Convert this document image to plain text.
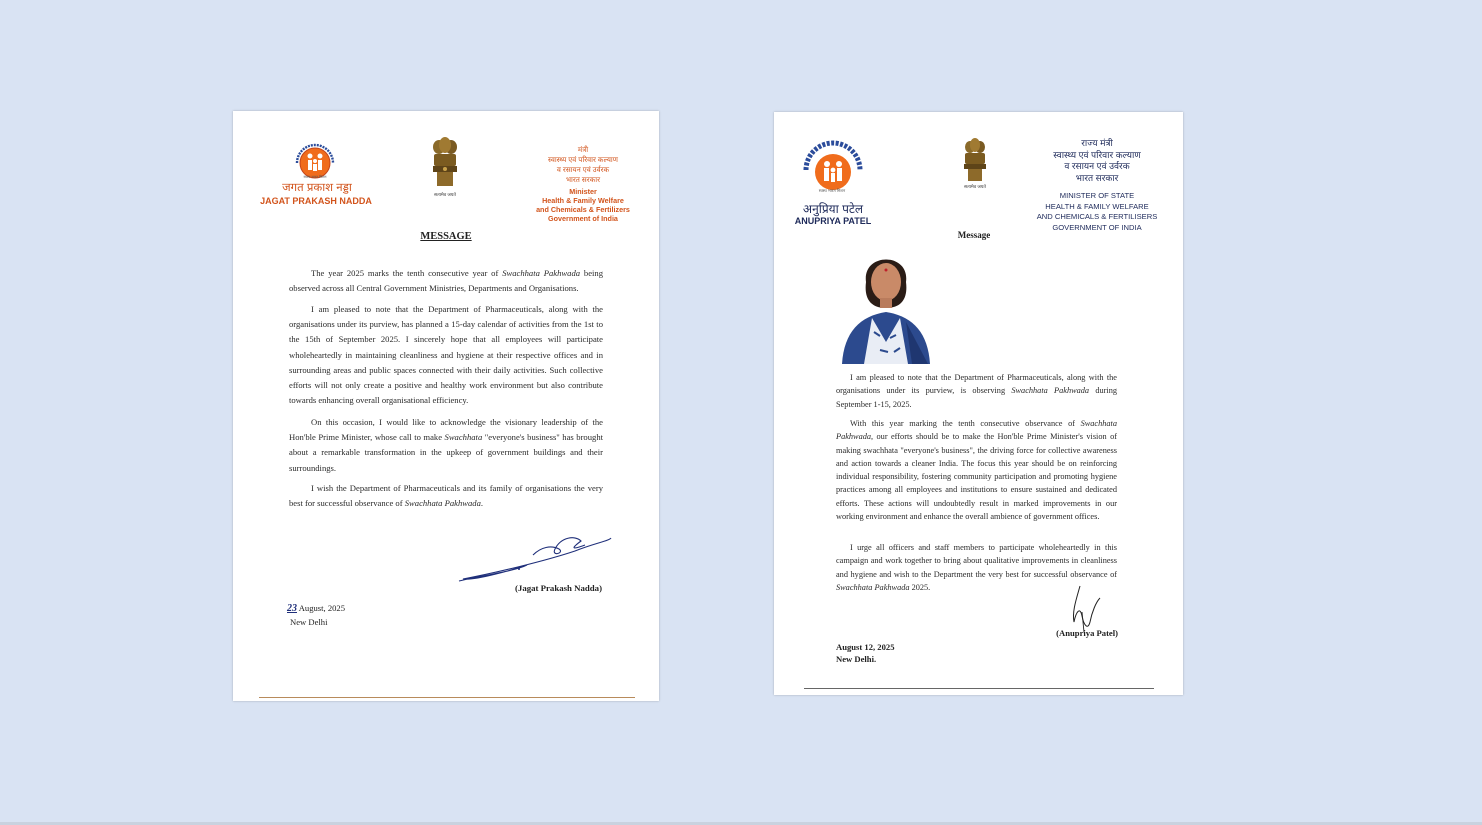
स्वस्थ भारत मिशन
जगत प्रकाश नड्डा
JAGAT PRAKASH NADDA
सत्यमेव जयते
मंत्री
स्वास्थ्य एवं परिवार कल्याण
व रसायन एवं उर्वरक
भारत सरकार
Minister
Health & Family Welfare
and Chemicals & Fertilizers
Government of India
MESSAGE

The year 2025 marks the tenth consecutive year of Swachhata Pakhwada being observed across all Central Government Ministries, Departments and Organisations.

I am pleased to note that the Department of Pharmaceuticals, along with the organisations under its purview, has planned a 15-day calendar of activities from the 1st to the 15th of September 2025. I sincerely hope that all employees will participate wholeheartedly in maintaining cleanliness and hygiene at their respective offices and in surrounding areas and public spaces connected with their daily activities. Such collective efforts will not only create a positive and healthy work environment but also contribute towards enhancing overall organisational efficiency.

On this occasion, I would like to acknowledge the visionary leadership of the Hon'ble Prime Minister, whose call to make Swachhata "everyone's business" has brought about a remarkable transformation in the upkeep of government buildings and their surroundings.

I wish the Department of Pharmaceuticals and its family of organisations the very best for successful observance of Swachhata Pakhwada.

(Jagat Prakash Nadda)
23 August, 2025
New Delhi
स्वस्थ भारत मिशन
अनुप्रिया पटेल
ANUPRIYA PATEL
सत्यमेव जयते
राज्य मंत्री
स्वास्थ्य एवं परिवार कल्याण
व रसायन एवं उर्वरक
भारत सरकार
MINISTER OF STATE
HEALTH & FAMILY WELFARE
AND CHEMICALS & FERTILISERS
GOVERNMENT OF INDIA
Message

I am pleased to note that the Department of Pharmaceuticals, along with the organisations under its purview, is observing Swachhata Pakhwada during September 1-15, 2025.

With this year marking the tenth consecutive observance of Swachhata Pakhwada, our efforts should be to make the Hon'ble Prime Minister's vision of making swachhata "everyone's business", the driving force for collective awareness and action towards a cleaner India. The focus this year should be on reinforcing individual responsibility, fostering community participation and promoting hygiene practices among all employees and institutions to ensure sustained and dedicated efforts. These actions will undoubtedly result in marked improvements in our working environment and enhance the overall ambience of government offices.

I urge all officers and staff members to participate wholeheartedly in this campaign and work together to bring about qualitative improvements in cleanliness and hygiene and wish to the Department the very best for successful observance of Swachhata Pakhwada 2025.

(Anupriya Patel)
August 12, 2025
New Delhi.
